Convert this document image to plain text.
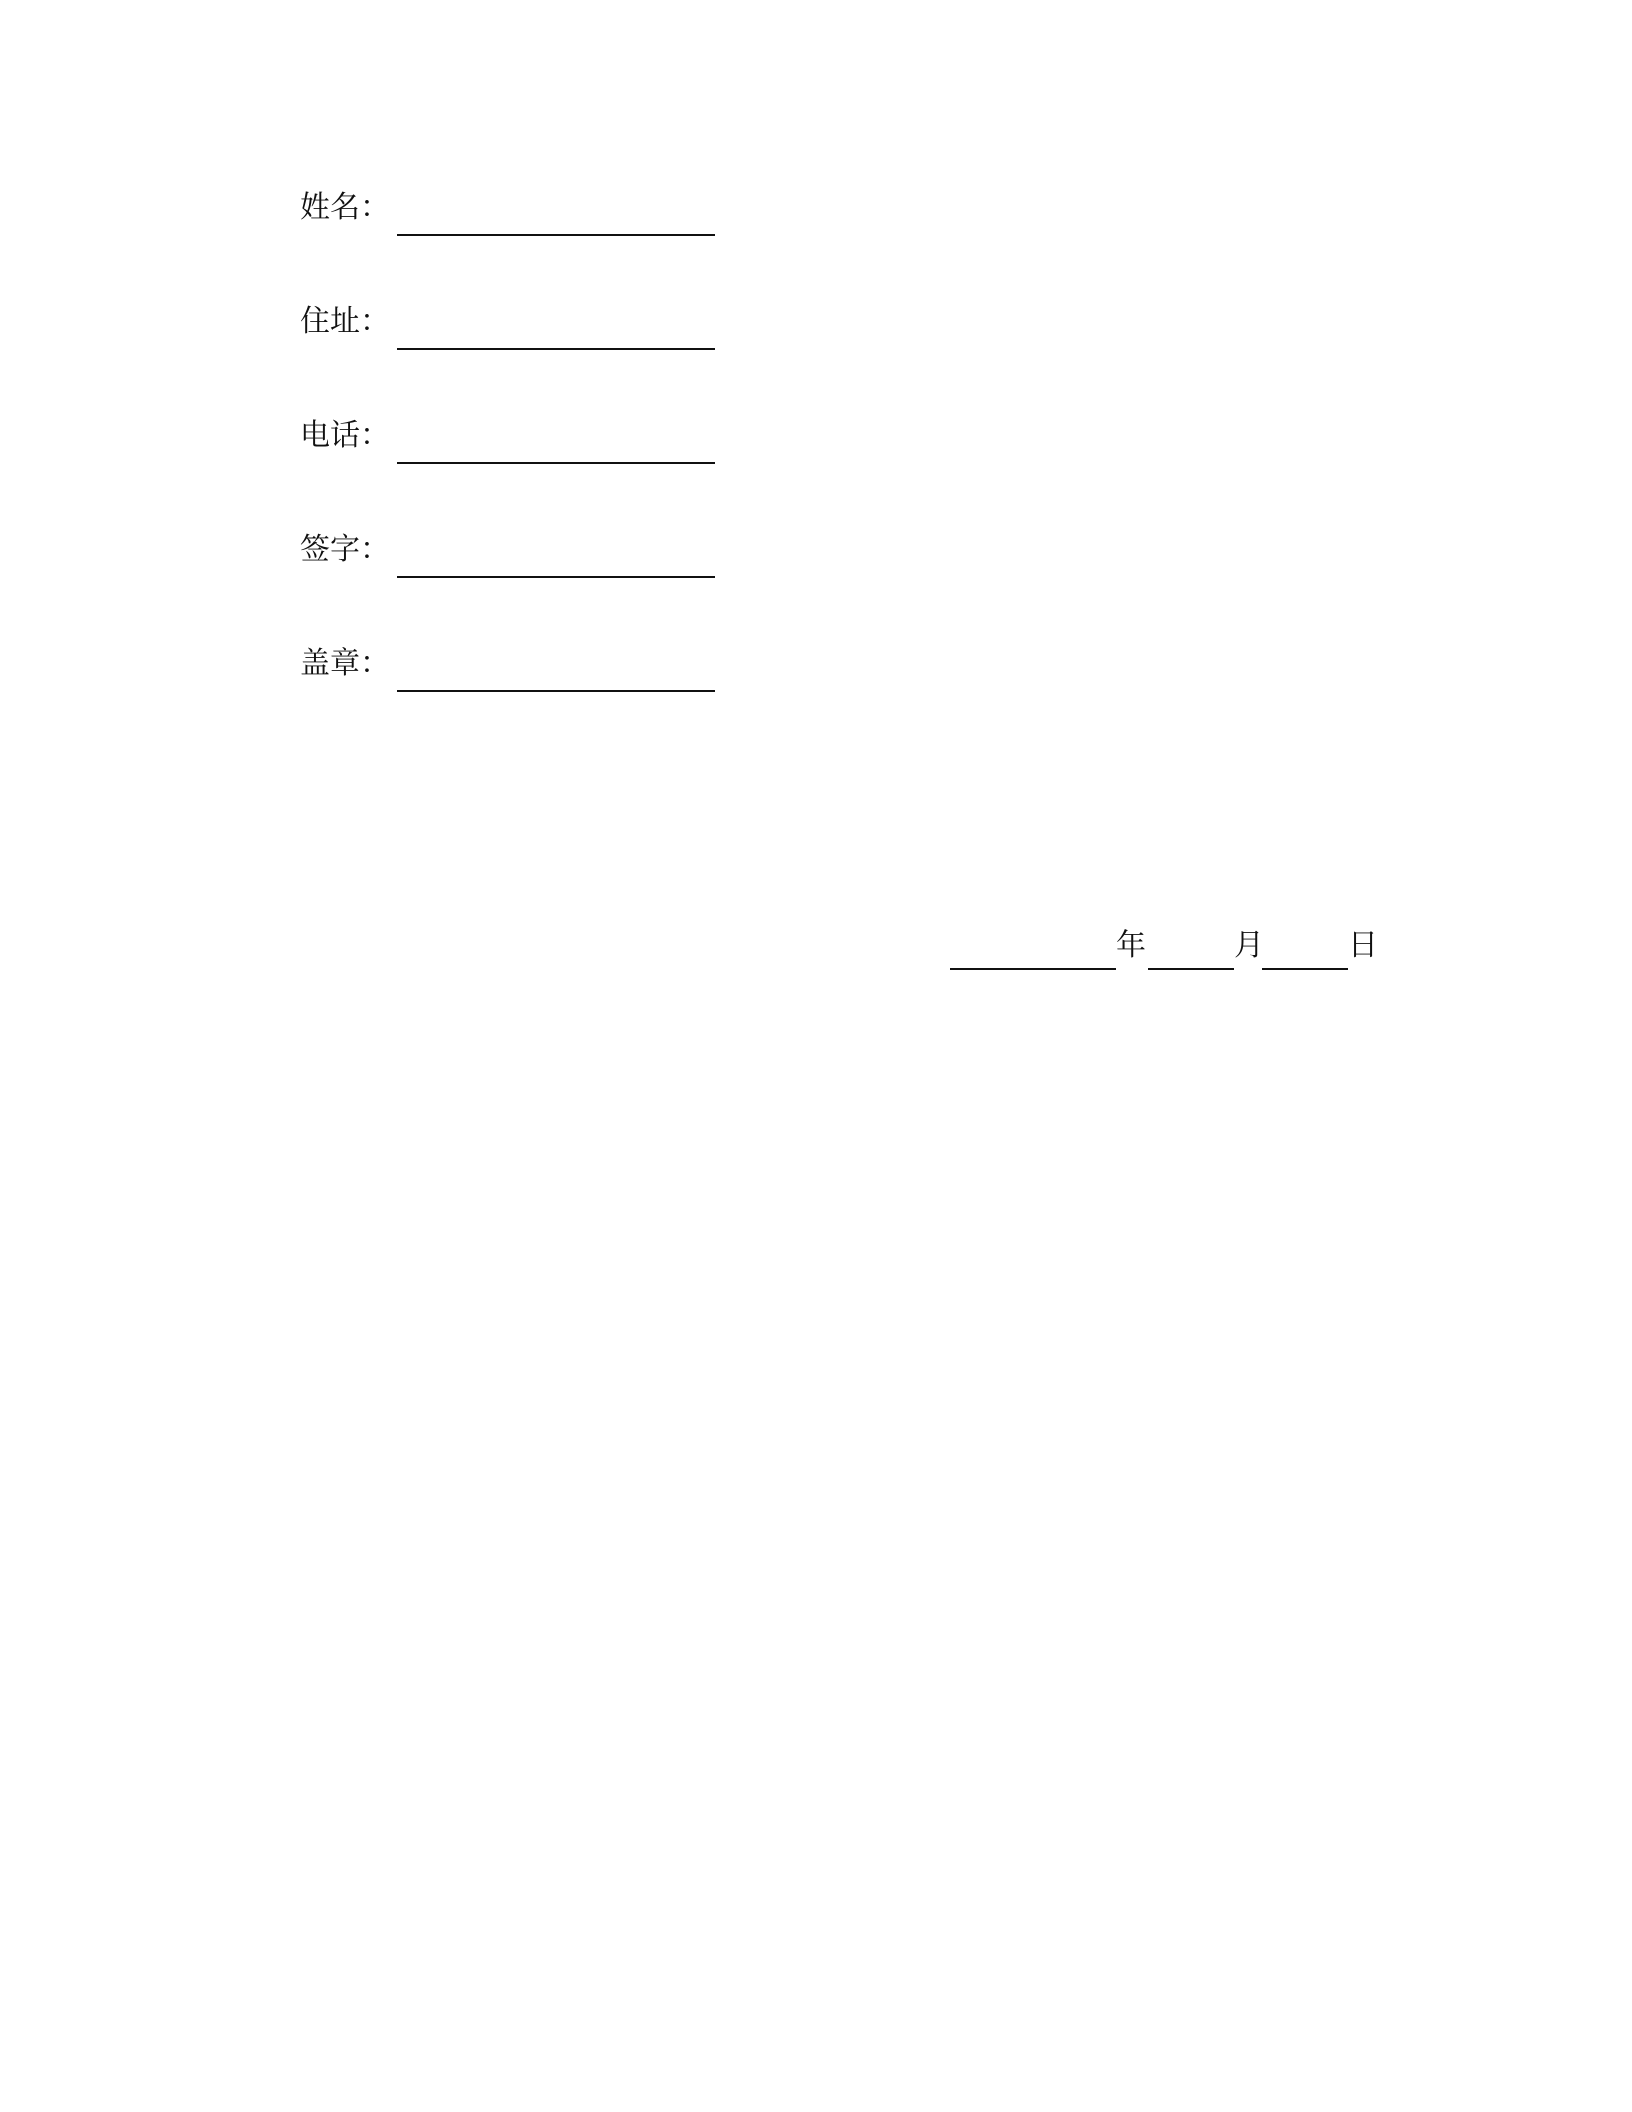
姓名：
住址：
电话：
签字：
盖章：
年	月	日
